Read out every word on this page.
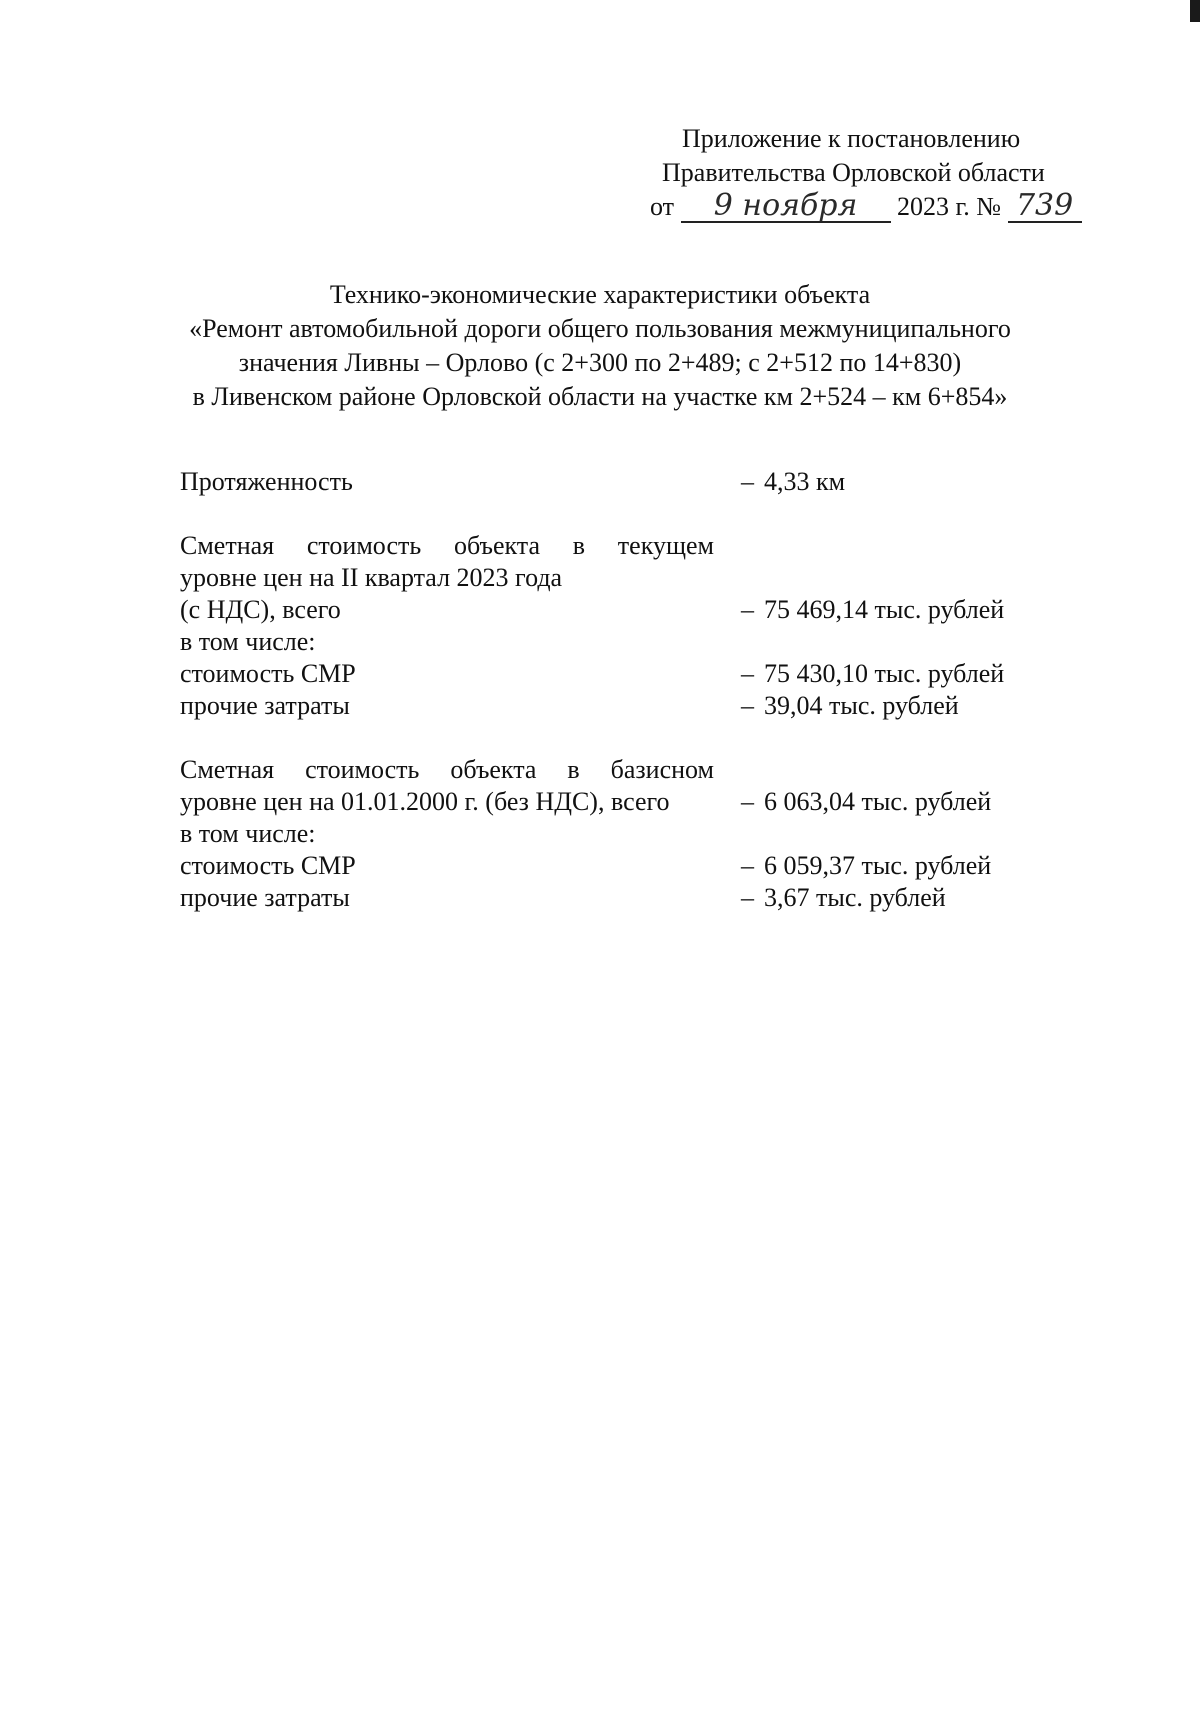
Приложение к постановлению
Правительства Орловской области
от 9 ноября 2023 г. № 739
Технико-экономические характеристики объекта
«Ремонт автомобильной дороги общего пользования межмуниципального
значения Ливны – Орлово (с 2+300 по 2+489; с 2+512 по 14+830)
в Ливенском районе Орловской области на участке км 2+524 – км 6+854»
Протяженность	– 4,33 км
Сметная стоимость объекта в текущем
уровне цен на II квартал 2023 года
(с НДС), всего	– 75 469,14 тыс. рублей
в том числе:
стоимость СМР	– 75 430,10 тыс. рублей
прочие затраты	– 39,04 тыс. рублей
Сметная стоимость объекта в базисном
уровне цен на 01.01.2000 г. (без НДС), всего	– 6 063,04 тыс. рублей
в том числе:
стоимость СМР	– 6 059,37 тыс. рублей
прочие затраты	– 3,67 тыс. рублей
